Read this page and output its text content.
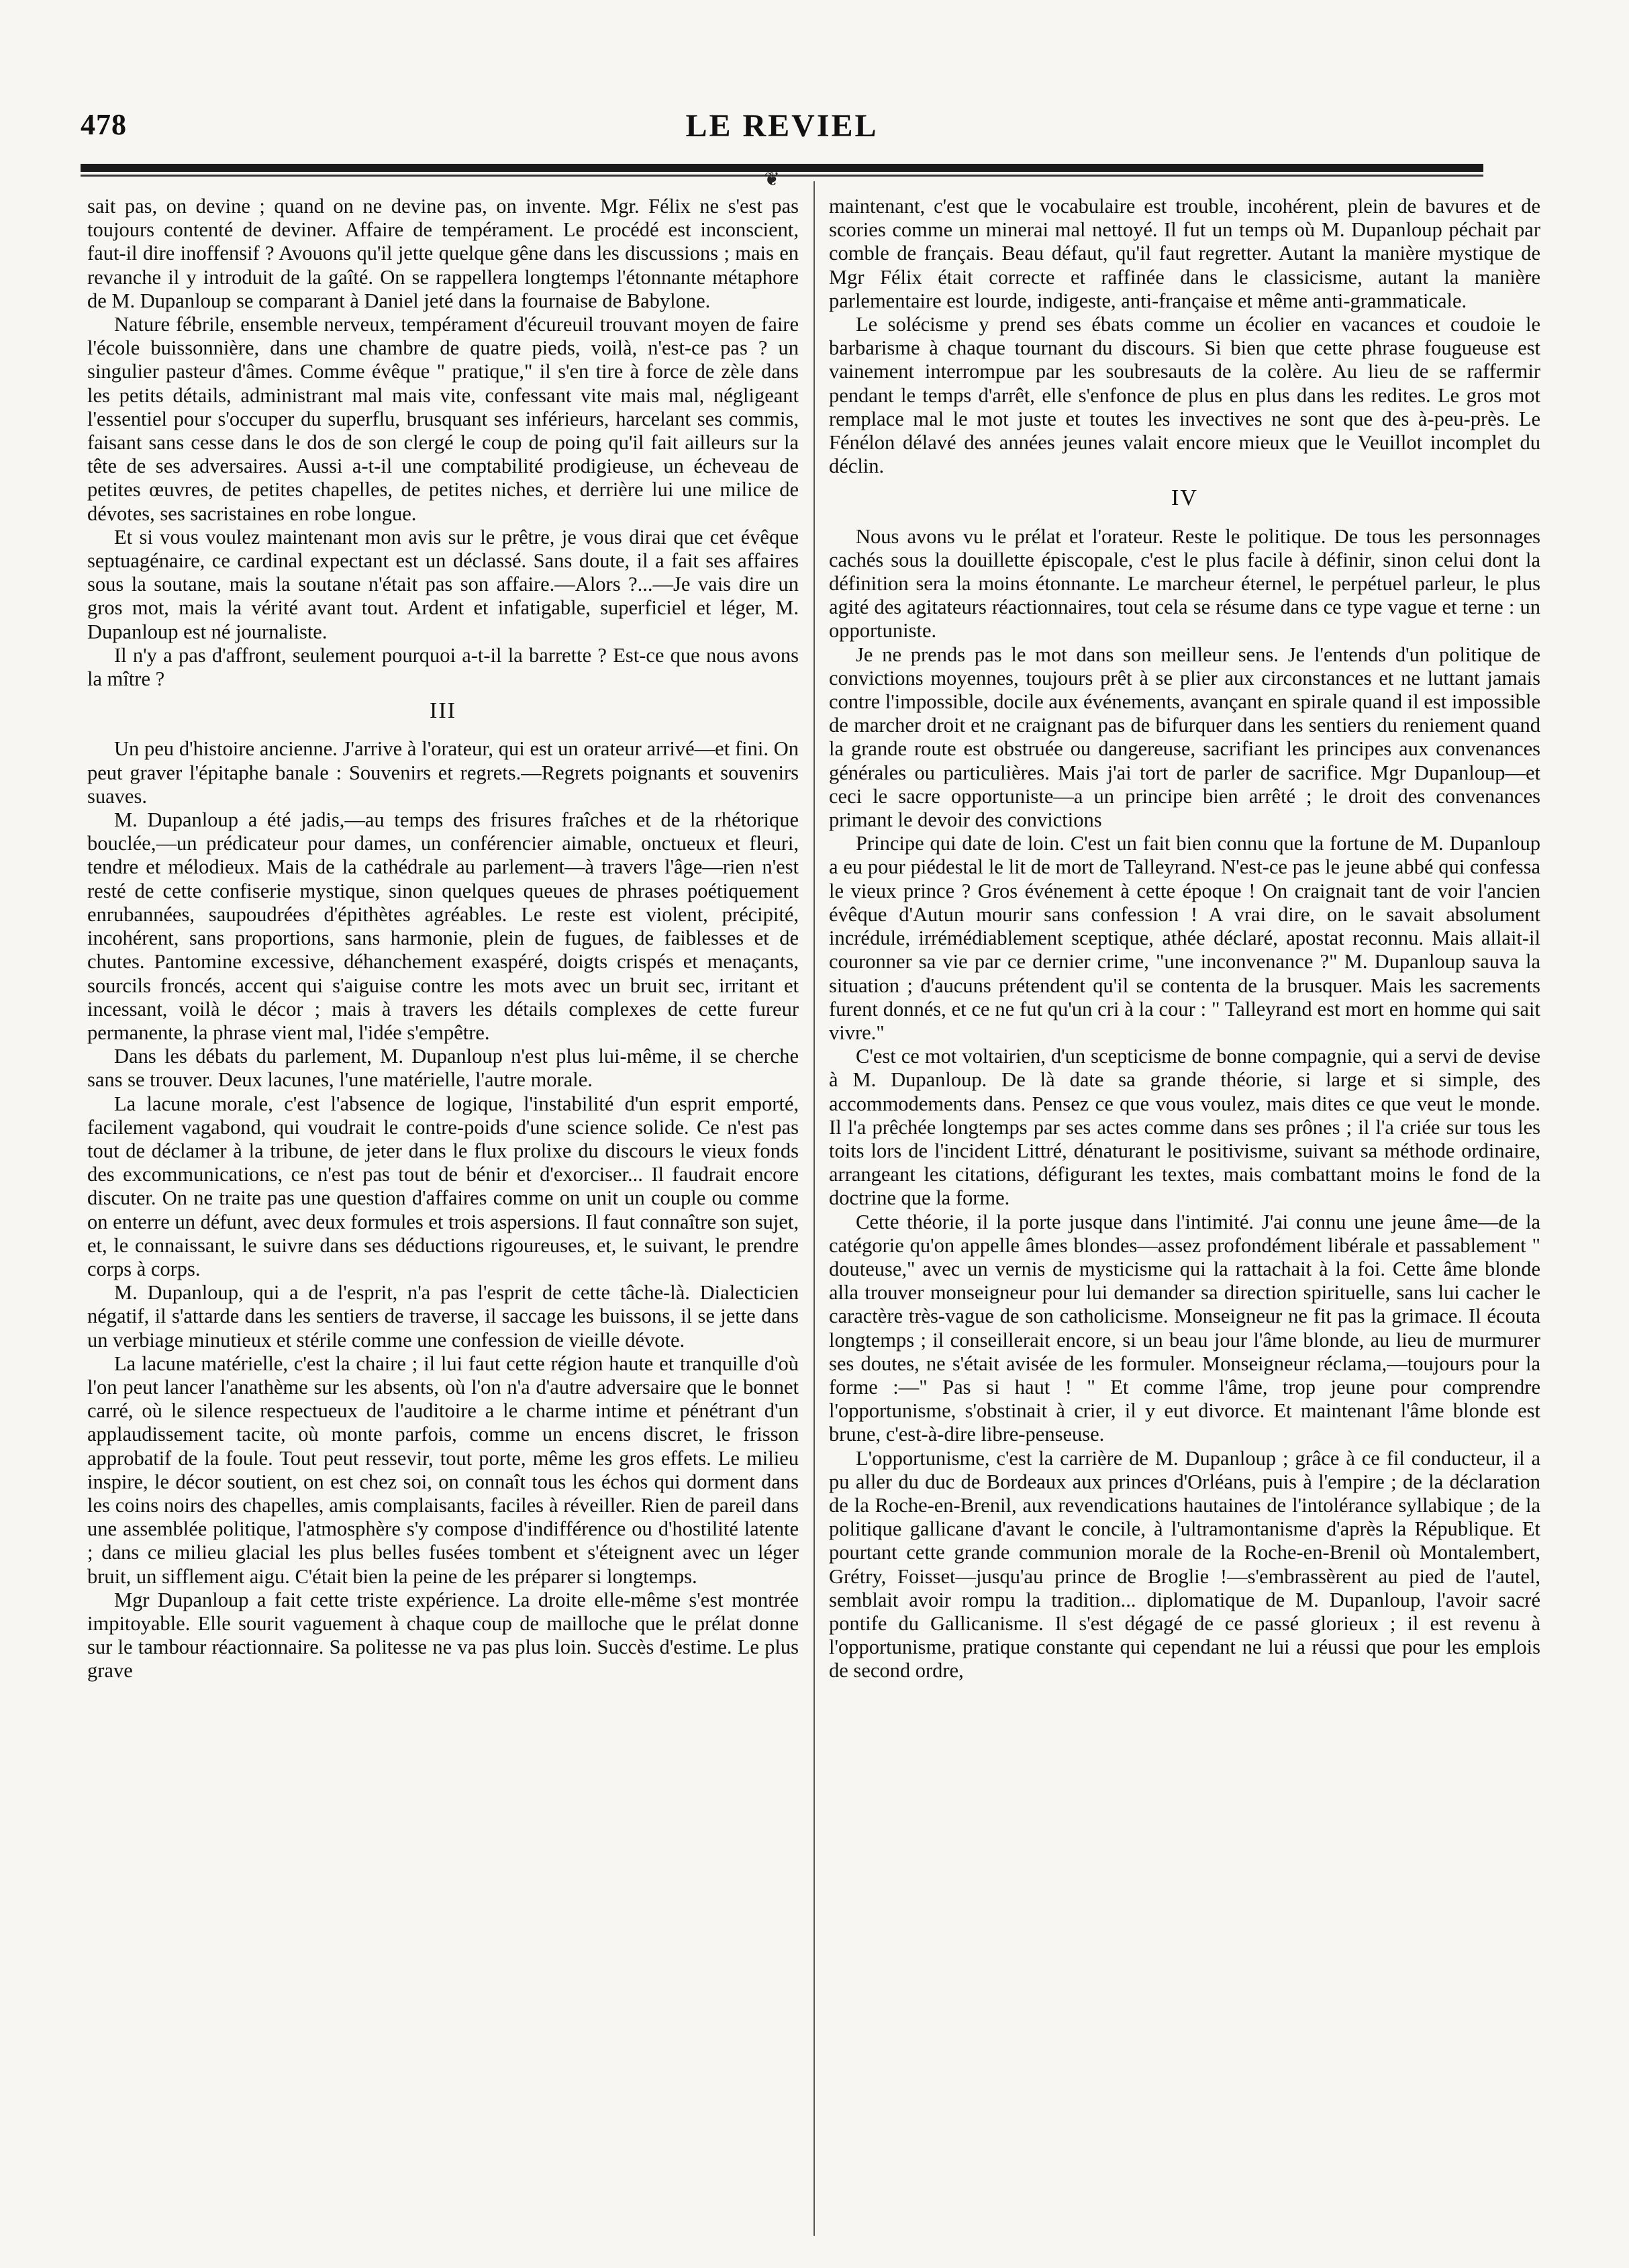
478	LE REVIEL
❦

sait pas, on devine ; quand on ne devine pas, on invente. Mgr. Félix ne s'est pas toujours contenté de deviner. Affaire de tempérament. Le procédé est inconscient, faut-il dire inoffensif ? Avouons qu'il jette quelque gêne dans les discussions ; mais en revanche il y introduit de la gaîté. On se rappellera longtemps l'étonnante métaphore de M. Dupanloup se comparant à Daniel jeté dans la fournaise de Babylone.

Nature fébrile, ensemble nerveux, tempérament d'écureuil trouvant moyen de faire l'école buissonnière, dans une chambre de quatre pieds, voilà, n'est-ce pas ? un singulier pasteur d'âmes. Comme évêque " pratique," il s'en tire à force de zèle dans les petits détails, administrant mal mais vite, confessant vite mais mal, négligeant l'essentiel pour s'occuper du superflu, brusquant ses inférieurs, harcelant ses commis, faisant sans cesse dans le dos de son clergé le coup de poing qu'il fait ailleurs sur la tête de ses adversaires. Aussi a-t-il une comptabilité prodigieuse, un écheveau de petites œuvres, de petites chapelles, de petites niches, et derrière lui une milice de dévotes, ses sacristaines en robe longue.

Et si vous voulez maintenant mon avis sur le prêtre, je vous dirai que cet évêque septuagénaire, ce cardinal expectant est un déclassé. Sans doute, il a fait ses affaires sous la soutane, mais la soutane n'était pas son affaire.—Alors ?...—Je vais dire un gros mot, mais la vérité avant tout. Ardent et infatigable, superficiel et léger, M. Dupanloup est né journaliste.

Il n'y a pas d'affront, seulement pourquoi a-t-il la barrette ? Est-ce que nous avons la mître ?

III

Un peu d'histoire ancienne. J'arrive à l'orateur, qui est un orateur arrivé—et fini. On peut graver l'épitaphe banale : Souvenirs et regrets.—Regrets poignants et souvenirs suaves.

M. Dupanloup a été jadis,—au temps des frisures fraîches et de la rhétorique bouclée,—un prédicateur pour dames, un conférencier aimable, onctueux et fleuri, tendre et mélodieux. Mais de la cathédrale au parlement—à travers l'âge—rien n'est resté de cette confiserie mystique, sinon quelques queues de phrases poétiquement enrubannées, saupoudrées d'épithètes agréables. Le reste est violent, précipité, incohérent, sans proportions, sans harmonie, plein de fugues, de faiblesses et de chutes. Pantomine excessive, déhanchement exaspéré, doigts crispés et menaçants, sourcils froncés, accent qui s'aiguise contre les mots avec un bruit sec, irritant et incessant, voilà le décor ; mais à travers les détails complexes de cette fureur permanente, la phrase vient mal, l'idée s'empêtre.

Dans les débats du parlement, M. Dupanloup n'est plus lui-même, il se cherche sans se trouver. Deux lacunes, l'une matérielle, l'autre morale.

La lacune morale, c'est l'absence de logique, l'instabilité d'un esprit emporté, facilement vagabond, qui voudrait le contre-poids d'une science solide. Ce n'est pas tout de déclamer à la tribune, de jeter dans le flux prolixe du discours le vieux fonds des excommunications, ce n'est pas tout de bénir et d'exorciser... Il faudrait encore discuter. On ne traite pas une question d'affaires comme on unit un couple ou comme on enterre un défunt, avec deux formules et trois aspersions. Il faut connaître son sujet, et, le connaissant, le suivre dans ses déductions rigoureuses, et, le suivant, le prendre corps à corps.

M. Dupanloup, qui a de l'esprit, n'a pas l'esprit de cette tâche-là. Dialecticien négatif, il s'attarde dans les sentiers de traverse, il saccage les buissons, il se jette dans un verbiage minutieux et stérile comme une confession de vieille dévote.

La lacune matérielle, c'est la chaire ; il lui faut cette région haute et tranquille d'où l'on peut lancer l'anathème sur les absents, où l'on n'a d'autre adversaire que le bonnet carré, où le silence respectueux de l'auditoire a le charme intime et pénétrant d'un applaudissement tacite, où monte parfois, comme un encens discret, le frisson approbatif de la foule. Tout peut ressevir, tout porte, même les gros effets. Le milieu inspire, le décor soutient, on est chez soi, on connaît tous les échos qui dorment dans les coins noirs des chapelles, amis complaisants, faciles à réveiller. Rien de pareil dans une assemblée politique, l'atmosphère s'y compose d'indifférence ou d'hostilité latente ; dans ce milieu glacial les plus belles fusées tombent et s'éteignent avec un léger bruit, un sifflement aigu. C'était bien la peine de les préparer si longtemps.

Mgr Dupanloup a fait cette triste expérience. La droite elle-même s'est montrée impitoyable. Elle sourit vaguement à chaque coup de mailloche que le prélat donne sur le tambour réactionnaire. Sa politesse ne va pas plus loin. Succès d'estime. Le plus grave

maintenant, c'est que le vocabulaire est trouble, incohérent, plein de bavures et de scories comme un minerai mal nettoyé. Il fut un temps où M. Dupanloup péchait par comble de français. Beau défaut, qu'il faut regretter. Autant la manière mystique de Mgr Félix était correcte et raffinée dans le classicisme, autant la manière parlementaire est lourde, indigeste, anti-française et même anti-grammaticale.

Le solécisme y prend ses ébats comme un écolier en vacances et coudoie le barbarisme à chaque tournant du discours. Si bien que cette phrase fougueuse est vainement interrompue par les soubresauts de la colère. Au lieu de se raffermir pendant le temps d'arrêt, elle s'enfonce de plus en plus dans les redites. Le gros mot remplace mal le mot juste et toutes les invectives ne sont que des à-peu-près. Le Fénélon délavé des années jeunes valait encore mieux que le Veuillot incomplet du déclin.

IV

Nous avons vu le prélat et l'orateur. Reste le politique. De tous les personnages cachés sous la douillette épiscopale, c'est le plus facile à définir, sinon celui dont la définition sera la moins étonnante. Le marcheur éternel, le perpétuel parleur, le plus agité des agitateurs réactionnaires, tout cela se résume dans ce type vague et terne : un opportuniste.

Je ne prends pas le mot dans son meilleur sens. Je l'entends d'un politique de convictions moyennes, toujours prêt à se plier aux circonstances et ne luttant jamais contre l'impossible, docile aux événements, avançant en spirale quand il est impossible de marcher droit et ne craignant pas de bifurquer dans les sentiers du reniement quand la grande route est obstruée ou dangereuse, sacrifiant les principes aux convenances générales ou particulières. Mais j'ai tort de parler de sacrifice. Mgr Dupanloup—et ceci le sacre opportuniste—a un principe bien arrêté ; le droit des convenances primant le devoir des convictions

Principe qui date de loin. C'est un fait bien connu que la fortune de M. Dupanloup a eu pour piédestal le lit de mort de Talleyrand. N'est-ce pas le jeune abbé qui confessa le vieux prince ? Gros événement à cette époque ! On craignait tant de voir l'ancien évêque d'Autun mourir sans confession ! A vrai dire, on le savait absolument incrédule, irrémédiablement sceptique, athée déclaré, apostat reconnu. Mais allait-il couronner sa vie par ce dernier crime, "une inconvenance ?" M. Dupanloup sauva la situation ; d'aucuns prétendent qu'il se contenta de la brusquer. Mais les sacrements furent donnés, et ce ne fut qu'un cri à la cour : " Talleyrand est mort en homme qui sait vivre."

C'est ce mot voltairien, d'un scepticisme de bonne compagnie, qui a servi de devise à M. Dupanloup. De là date sa grande théorie, si large et si simple, des accommodements dans. Pensez ce que vous voulez, mais dites ce que veut le monde. Il l'a prêchée longtemps par ses actes comme dans ses prônes ; il l'a criée sur tous les toits lors de l'incident Littré, dénaturant le positivisme, suivant sa méthode ordinaire, arrangeant les citations, défigurant les textes, mais combattant moins le fond de la doctrine que la forme.

Cette théorie, il la porte jusque dans l'intimité. J'ai connu une jeune âme—de la catégorie qu'on appelle âmes blondes—assez profondément libérale et passablement " douteuse," avec un vernis de mysticisme qui la rattachait à la foi. Cette âme blonde alla trouver monseigneur pour lui demander sa direction spirituelle, sans lui cacher le caractère très-vague de son catholicisme. Monseigneur ne fit pas la grimace. Il écouta longtemps ; il conseillerait encore, si un beau jour l'âme blonde, au lieu de murmurer ses doutes, ne s'était avisée de les formuler. Monseigneur réclama,—toujours pour la forme :—" Pas si haut ! " Et comme l'âme, trop jeune pour comprendre l'opportunisme, s'obstinait à crier, il y eut divorce. Et maintenant l'âme blonde est brune, c'est-à-dire libre-penseuse.

L'opportunisme, c'est la carrière de M. Dupanloup ; grâce à ce fil conducteur, il a pu aller du duc de Bordeaux aux princes d'Orléans, puis à l'empire ; de la déclaration de la Roche-en-Brenil, aux revendications hautaines de l'intolérance syllabique ; de la politique gallicane d'avant le concile, à l'ultramontanisme d'après la République. Et pourtant cette grande communion morale de la Roche-en-Brenil où Montalembert, Grétry, Foisset—jusqu'au prince de Broglie !—s'embrassèrent au pied de l'autel, semblait avoir rompu la tradition... diplomatique de M. Dupanloup, l'avoir sacré pontife du Gallicanisme. Il s'est dégagé de ce passé glorieux ; il est revenu à l'opportunisme, pratique constante qui cependant ne lui a réussi que pour les emplois de second ordre,
